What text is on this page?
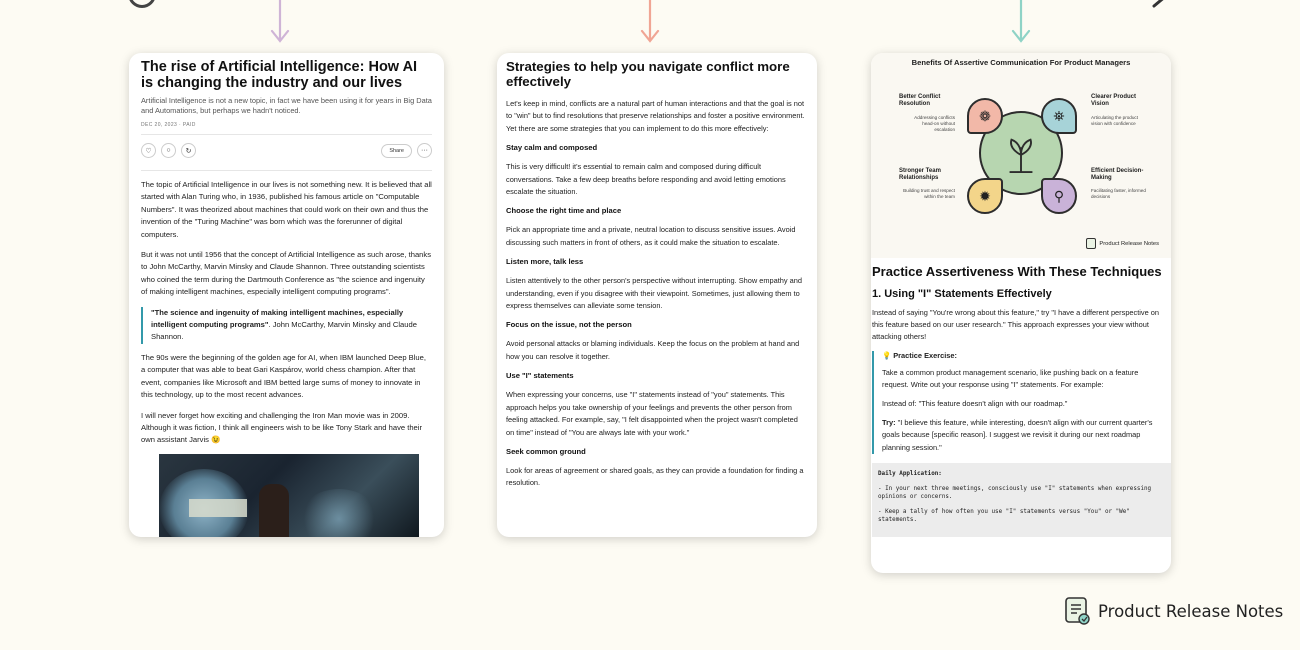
The rise of Artificial Intelligence: How AI is changing the industry and our lives
Artificial Intelligence is not a new topic, in fact we have been using it for years in Big Data and Automations, but perhaps we hadn't noticed.
DEC 20, 2023 · PAID
♡	○	↻	Share	···

The topic of Artificial Intelligence in our lives is not something new. It is believed that all started with Alan Turing who, in 1936, published his famous article on "Computable Numbers". It was theorized about machines that could work on their own and thus the invention of the "Turing Machine" was born which was the forerunner of digital computers.

But it was not until 1956 that the concept of Artificial Intelligence as such arose, thanks to John McCarthy, Marvin Minsky and Claude Shannon. Three outstanding scientists who coined the term during the Dartmouth Conference as "the science and ingenuity of making intelligent machines, especially intelligent computing programs".

"The science and ingenuity of making intelligent machines, especially intelligent computing programs". John McCarthy, Marvin Minsky and Claude Shannon.

The 90s were the beginning of the golden age for AI, when IBM launched Deep Blue, a computer that was able to beat Gari Kaspárov, world chess champion. After that event, companies like Microsoft and IBM betted large sums of money to innovate in this technology, up to the most recent advances.

I will never forget how exciting and challenging the Iron Man movie was in 2009. Although it was fiction, I think all engineers wish to be like Tony Stark and have their own assistant Jarvis 😉

Strategies to help you navigate conflict more effectively

Let's keep in mind, conflicts are a natural part of human interactions and that the goal is not to "win" but to find resolutions that preserve relationships and foster a positive environment. Yet there are some strategies that you can implement to do this more effectively:

Stay calm and composed

This is very difficult! it's essential to remain calm and composed during difficult conversations. Take a few deep breaths before responding and avoid letting emotions escalate the situation.

Choose the right time and place

Pick an appropriate time and a private, neutral location to discuss sensitive issues. Avoid discussing such matters in front of others, as it could make the situation to escalate.

Listen more, talk less

Listen attentively to the other person's perspective without interrupting. Show empathy and understanding, even if you disagree with their viewpoint. Sometimes, just allowing them to express themselves can alleviate some tension.

Focus on the issue, not the person

Avoid personal attacks or blaming individuals. Keep the focus on the problem at hand and how you can resolve it together.

Use "I" statements

When expressing your concerns, use "I" statements instead of "you" statements. This approach helps you take ownership of your feelings and prevents the other person from feeling attacked. For example, say, "I felt disappointed when the project wasn't completed on time" instead of "You are always late with your work."

Seek common ground

Look for areas of agreement or shared goals, as they can provide a foundation for finding a resolution.

Benefits Of Assertive Communication For Product Managers
Better Conflict Resolution
Addressing conflicts head-on without escalation
Clearer Product Vision
Articulating the product vision with confidence
Stronger Team Relationships
Building trust and respect within the team
Efficient Decision-Making
Facilitating faster, informed decisions
❁	⛯
✹	⚲
Product Release Notes
Practice Assertiveness With These Techniques
1. Using "I" Statements Effectively
Instead of saying "You're wrong about this feature," try "I have a different perspective on this feature based on our user research." This approach expresses your view without attacking others!
💡 Practice Exercise:

Take a common product management scenario, like pushing back on a feature request. Write out your response using "I" statements. For example:

Instead of: "This feature doesn't align with our roadmap."

Try: "I believe this feature, while interesting, doesn't align with our current quarter's goals because [specific reason]. I suggest we revisit it during our next roadmap planning session."

Daily Application:
- In your next three meetings, consciously use "I" statements when expressing opinions or concerns.
- Keep a tally of how often you use "I" statements versus "You" or "We" statements.
Product Release Notes
